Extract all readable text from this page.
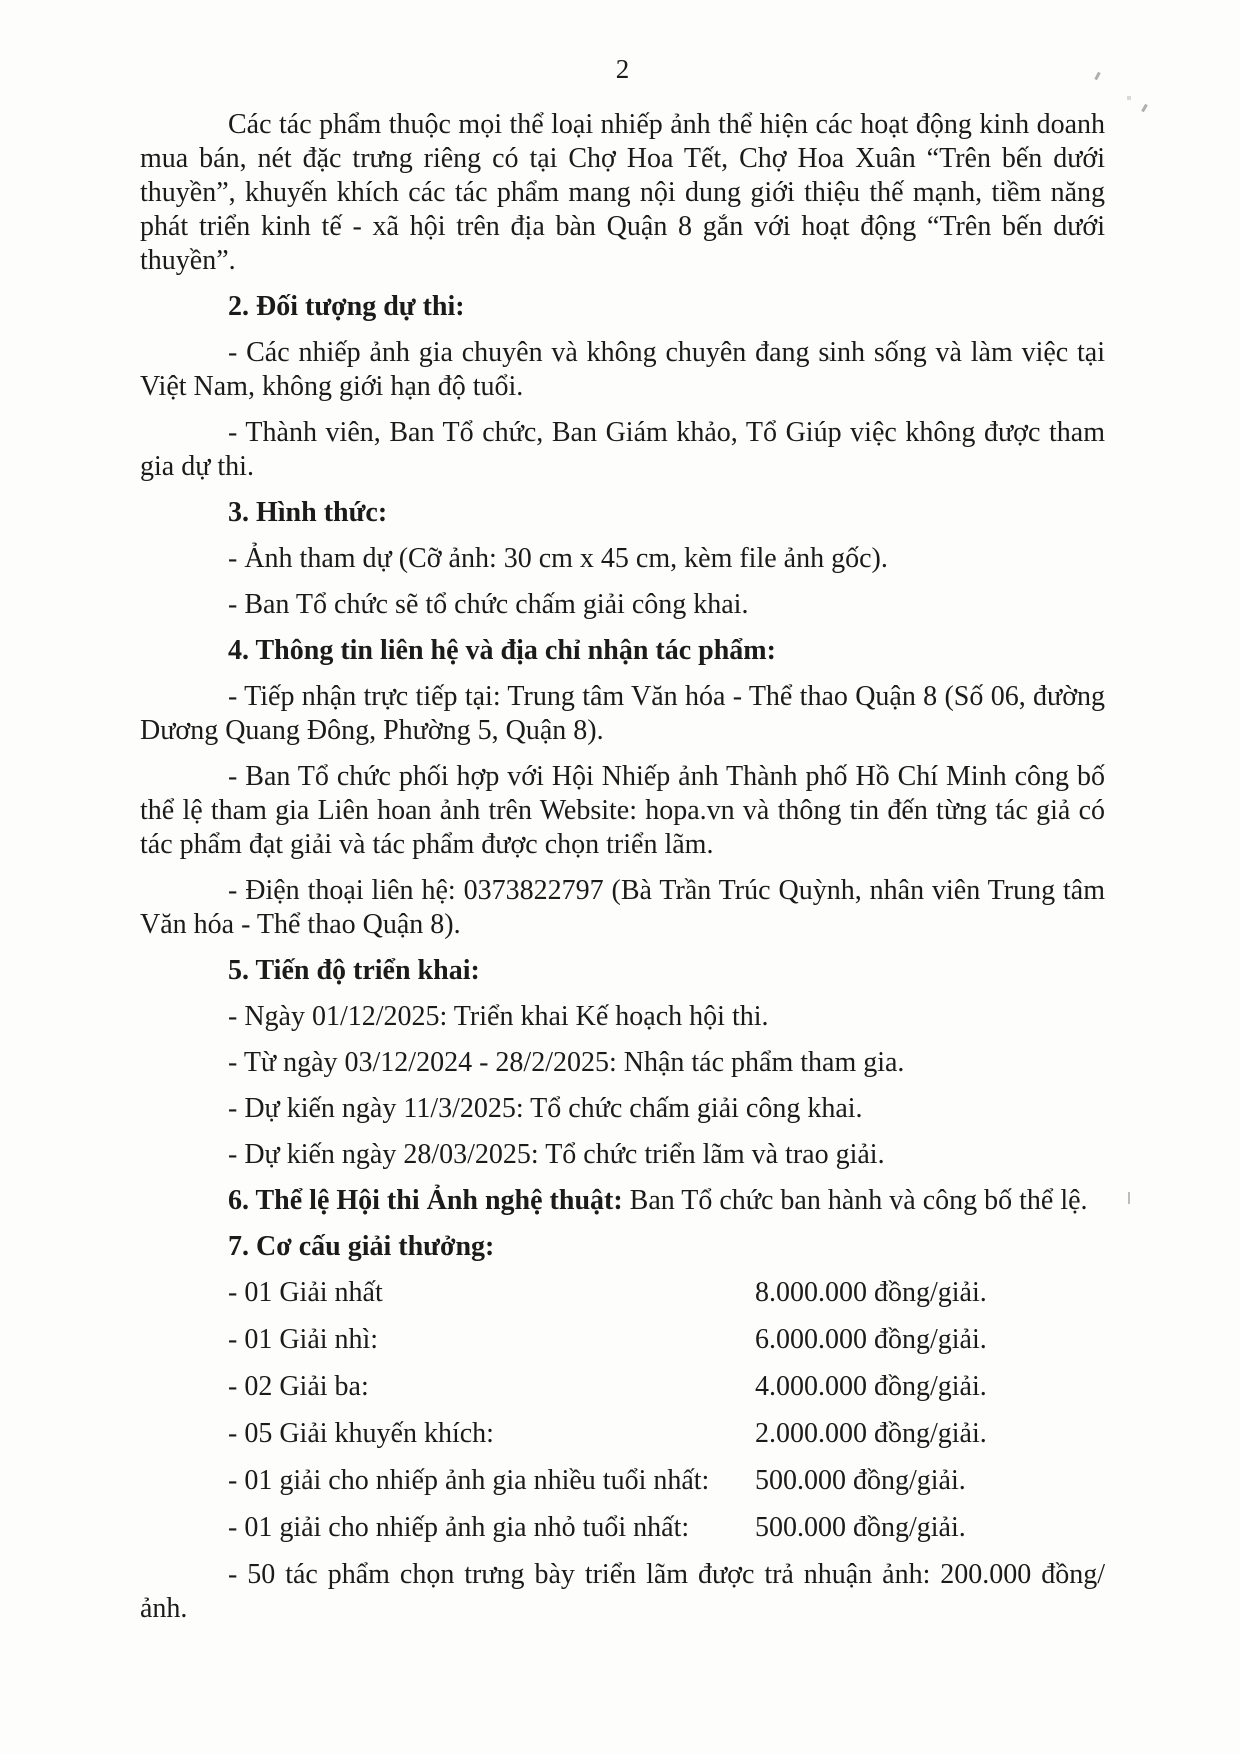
2

Các tác phẩm thuộc mọi thể loại nhiếp ảnh thể hiện các hoạt động kinh doanh mua bán, nét đặc trưng riêng có tại Chợ Hoa Tết, Chợ Hoa Xuân “Trên bến dưới thuyền”, khuyến khích các tác phẩm mang nội dung giới thiệu thế mạnh, tiềm năng phát triển kinh tế - xã hội trên địa bàn Quận 8 gắn với hoạt động “Trên bến dưới thuyền”.

2. Đối tượng dự thi:

- Các nhiếp ảnh gia chuyên và không chuyên đang sinh sống và làm việc tại Việt Nam, không giới hạn độ tuổi.

- Thành viên, Ban Tổ chức, Ban Giám khảo, Tổ Giúp việc không được tham gia dự thi.

3. Hình thức:

- Ảnh tham dự (Cỡ ảnh: 30 cm x 45 cm, kèm file ảnh gốc).

- Ban Tổ chức sẽ tổ chức chấm giải công khai.

4. Thông tin liên hệ và địa chỉ nhận tác phẩm:

- Tiếp nhận trực tiếp tại: Trung tâm Văn hóa - Thể thao Quận 8 (Số 06, đường Dương Quang Đông, Phường 5, Quận 8).

- Ban Tổ chức phối hợp với Hội Nhiếp ảnh Thành phố Hồ Chí Minh công bố thể lệ tham gia Liên hoan ảnh trên Website: hopa.vn và thông tin đến từng tác giả có tác phẩm đạt giải và tác phẩm được chọn triển lãm.

- Điện thoại liên hệ: 0373822797 (Bà Trần Trúc Quỳnh, nhân viên Trung tâm Văn hóa - Thể thao Quận 8).

5. Tiến độ triển khai:

- Ngày 01/12/2025: Triển khai Kế hoạch hội thi.

- Từ ngày 03/12/2024 - 28/2/2025: Nhận tác phẩm tham gia.

- Dự kiến ngày 11/3/2025: Tổ chức chấm giải công khai.

- Dự kiến ngày 28/03/2025: Tổ chức triển lãm và trao giải.

6. Thể lệ Hội thi Ảnh nghệ thuật: Ban Tổ chức ban hành và công bố thể lệ.

7. Cơ cấu giải thưởng:

- 01 Giải nhất	8.000.000 đồng/giải.
- 01 Giải nhì:	6.000.000 đồng/giải.
- 02 Giải ba:	4.000.000 đồng/giải.
- 05 Giải khuyến khích:	2.000.000 đồng/giải.
- 01 giải cho nhiếp ảnh gia nhiều tuổi nhất:	500.000 đồng/giải.
- 01 giải cho nhiếp ảnh gia nhỏ tuổi nhất:	500.000 đồng/giải.

- 50 tác phẩm chọn trưng bày triển lãm được trả nhuận ảnh: 200.000 đồng/ảnh.
